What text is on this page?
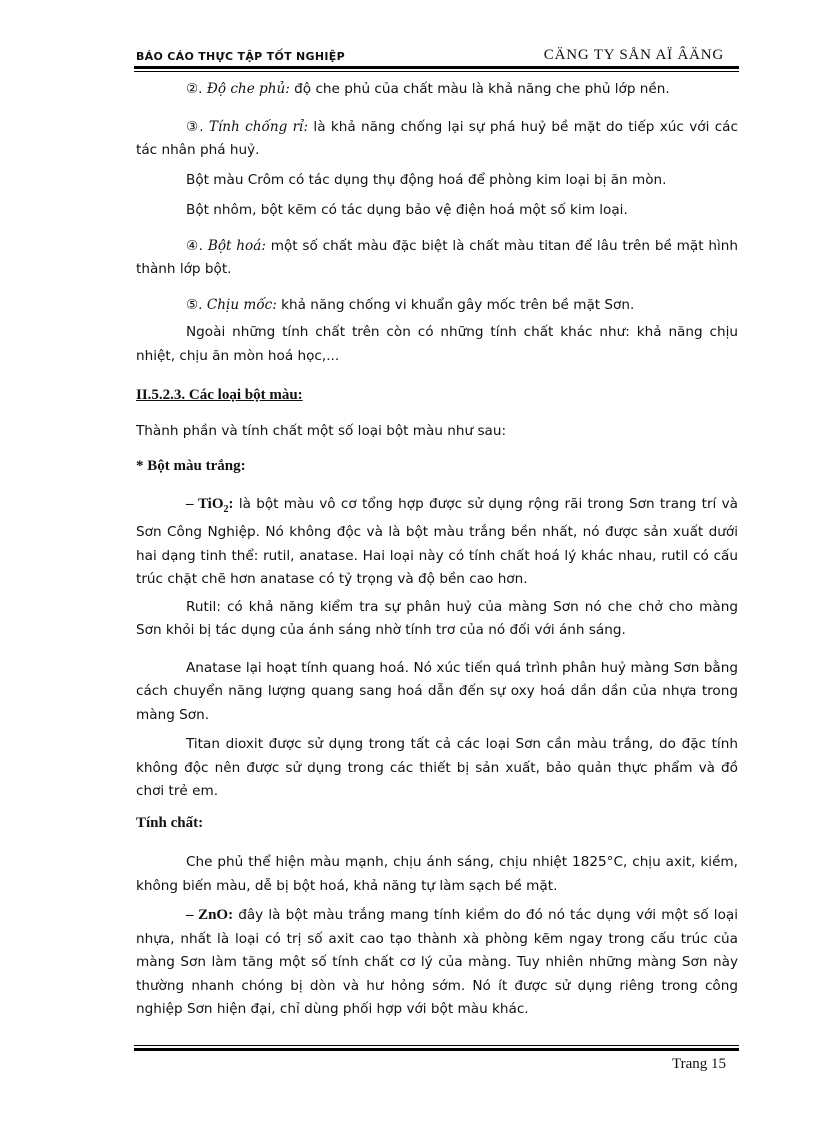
BÁO CÁO THỰC TẬP TỐT NGHIỆP	CÄNG TY SÅN AÏ ÂÄNG

②. Độ che phủ: độ che phủ của chất màu là khả năng che phủ lớp nền.

③. Tính chống rỉ: là khả năng chống lại sự phá huỷ bề mặt do tiếp xúc với các tác nhân phá huỷ.

Bột màu Crôm có tác dụng thụ động hoá để phòng kim loại bị ăn mòn.

Bột nhôm, bột kẽm có tác dụng bảo vệ điện hoá một số kim loại.

④. Bột hoá: một số chất màu đặc biệt là chất màu titan để lâu trên bề mặt hình thành lớp bột.

⑤. Chịu mốc: khả năng chống vi khuẩn gây mốc trên bề mặt Sơn.

Ngoài những tính chất trên còn có những tính chất khác như: khả năng chịu nhiệt, chịu ăn mòn hoá học,...

II.5.2.3. Các loại bột màu:

Thành phần và tính chất một số loại bột màu như sau:

* Bột màu trắng:

– TiO$_2$: là bột màu vô cơ tổng hợp được sử dụng rộng rãi trong Sơn trang trí và Sơn Công Nghiệp. Nó không độc và là bột màu trắng bền nhất, nó được sản xuất dưới hai dạng tinh thể: rutil, anatase. Hai loại này có tính chất hoá lý khác nhau, rutil có cấu trúc chặt chẽ hơn anatase có tỷ trọng và độ bền cao hơn.

Rutil: có khả năng kiểm tra sự phân huỷ của màng Sơn nó che chở cho màng Sơn khỏi bị tác dụng của ánh sáng nhờ tính trơ của nó đối với ánh sáng.

Anatase lại hoạt tính quang hoá. Nó xúc tiến quá trình phân huỷ màng Sơn bằng cách chuyển năng lượng quang sang hoá dẫn đến sự oxy hoá dần dần của nhựa trong màng Sơn.

Titan dioxit được sử dụng trong tất cả các loại Sơn cần màu trắng, do đặc tính không độc nên được sử dụng trong các thiết bị sản xuất, bảo quản thực phẩm và đồ chơi trẻ em.

Tính chất:

Che phủ thể hiện màu mạnh, chịu ánh sáng, chịu nhiệt 1825°C, chịu axit, kiềm, không biến màu, dễ bị bột hoá, khả năng tự làm sạch bề mặt.

– ZnO: đây là bột màu trắng mang tính kiềm do đó nó tác dụng với một số loại nhựa, nhất là loại có trị số axit cao tạo thành xà phòng kẽm ngay trong cấu trúc của màng Sơn làm tăng một số tính chất cơ lý của màng. Tuy nhiên những màng Sơn này thường nhanh chóng bị dòn và hư hỏng sớm. Nó ít được sử dụng riêng trong công nghiệp Sơn hiện đại, chỉ dùng phối hợp với bột màu khác.

Trang 15
